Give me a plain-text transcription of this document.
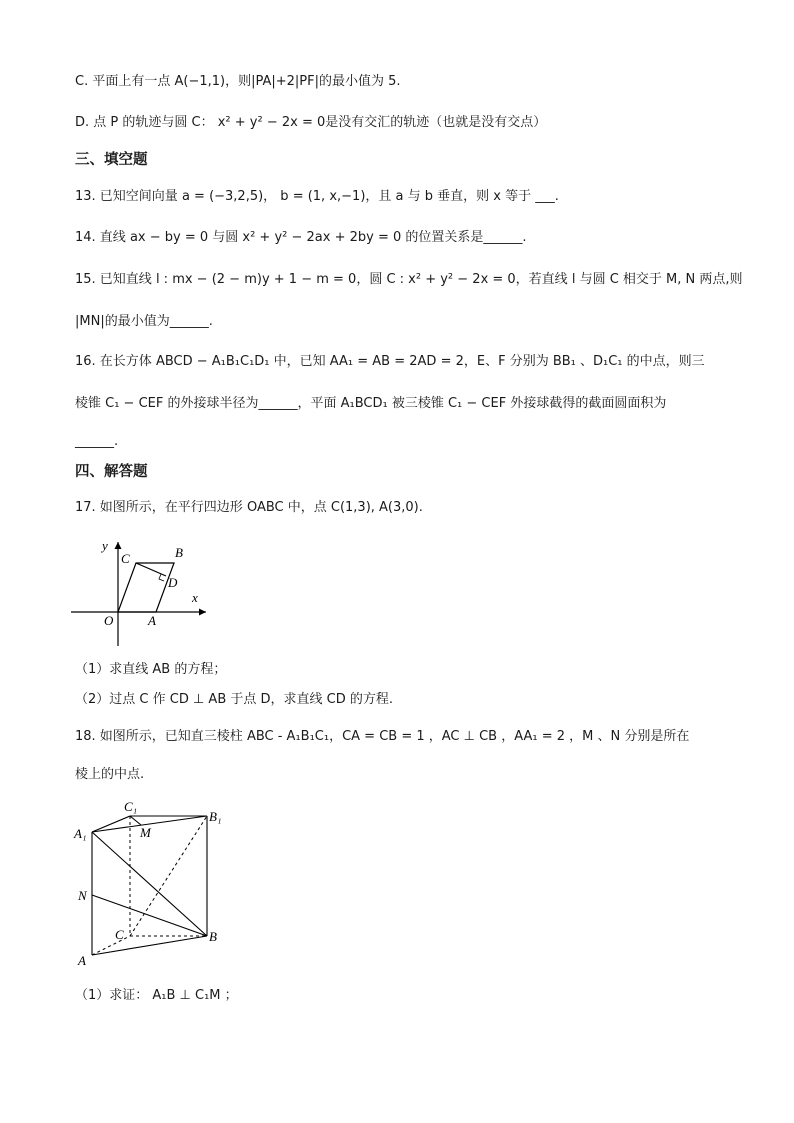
C. 平面上有一点 A(−1,1)，则|PA|+2|PF|的最小值为 5.
D. 点 P 的轨迹与圆 C： x² + y² − 2x = 0是没有交汇的轨迹（也就是没有交点）
三、填空题
13. 已知空间向量 a = (−3,2,5)， b = (1, x,−1)，且 a 与 b 垂直，则 x 等于 ___.
14. 直线 ax − by = 0 与圆 x² + y² − 2ax + 2by = 0 的位置关系是______.
15. 已知直线 l : mx − (2 − m)y + 1 − m = 0，圆 C : x² + y² − 2x = 0，若直线 l 与圆 C 相交于 M, N 两点,则
|MN|的最小值为______.
16. 在长方体 ABCD − A₁B₁C₁D₁ 中，已知 AA₁ = AB = 2AD = 2，E、F 分别为 BB₁ 、D₁C₁ 的中点，则三
棱锥 C₁ − CEF 的外接球半径为______，平面 A₁BCD₁ 被三棱锥 C₁ − CEF 外接球截得的截面圆面积为
______.
四、解答题
17. 如图所示，在平行四边形 OABC 中，点 C(1,3), A(3,0).
y
C	B
D
x
O	A
（1）求直线 AB 的方程；
（2）过点 C 作 CD ⊥ AB 于点 D，求直线 CD 的方程.
18. 如图所示，已知直三棱柱 ABC - A₁B₁C₁，CA = CB = 1 ，AC ⊥ CB ，AA₁ = 2 ，M 、N 分别是所在
棱上的中点.
C₁
B₁
A₁	M
N
C	B
A
（1）求证： A₁B ⊥ C₁M ；
